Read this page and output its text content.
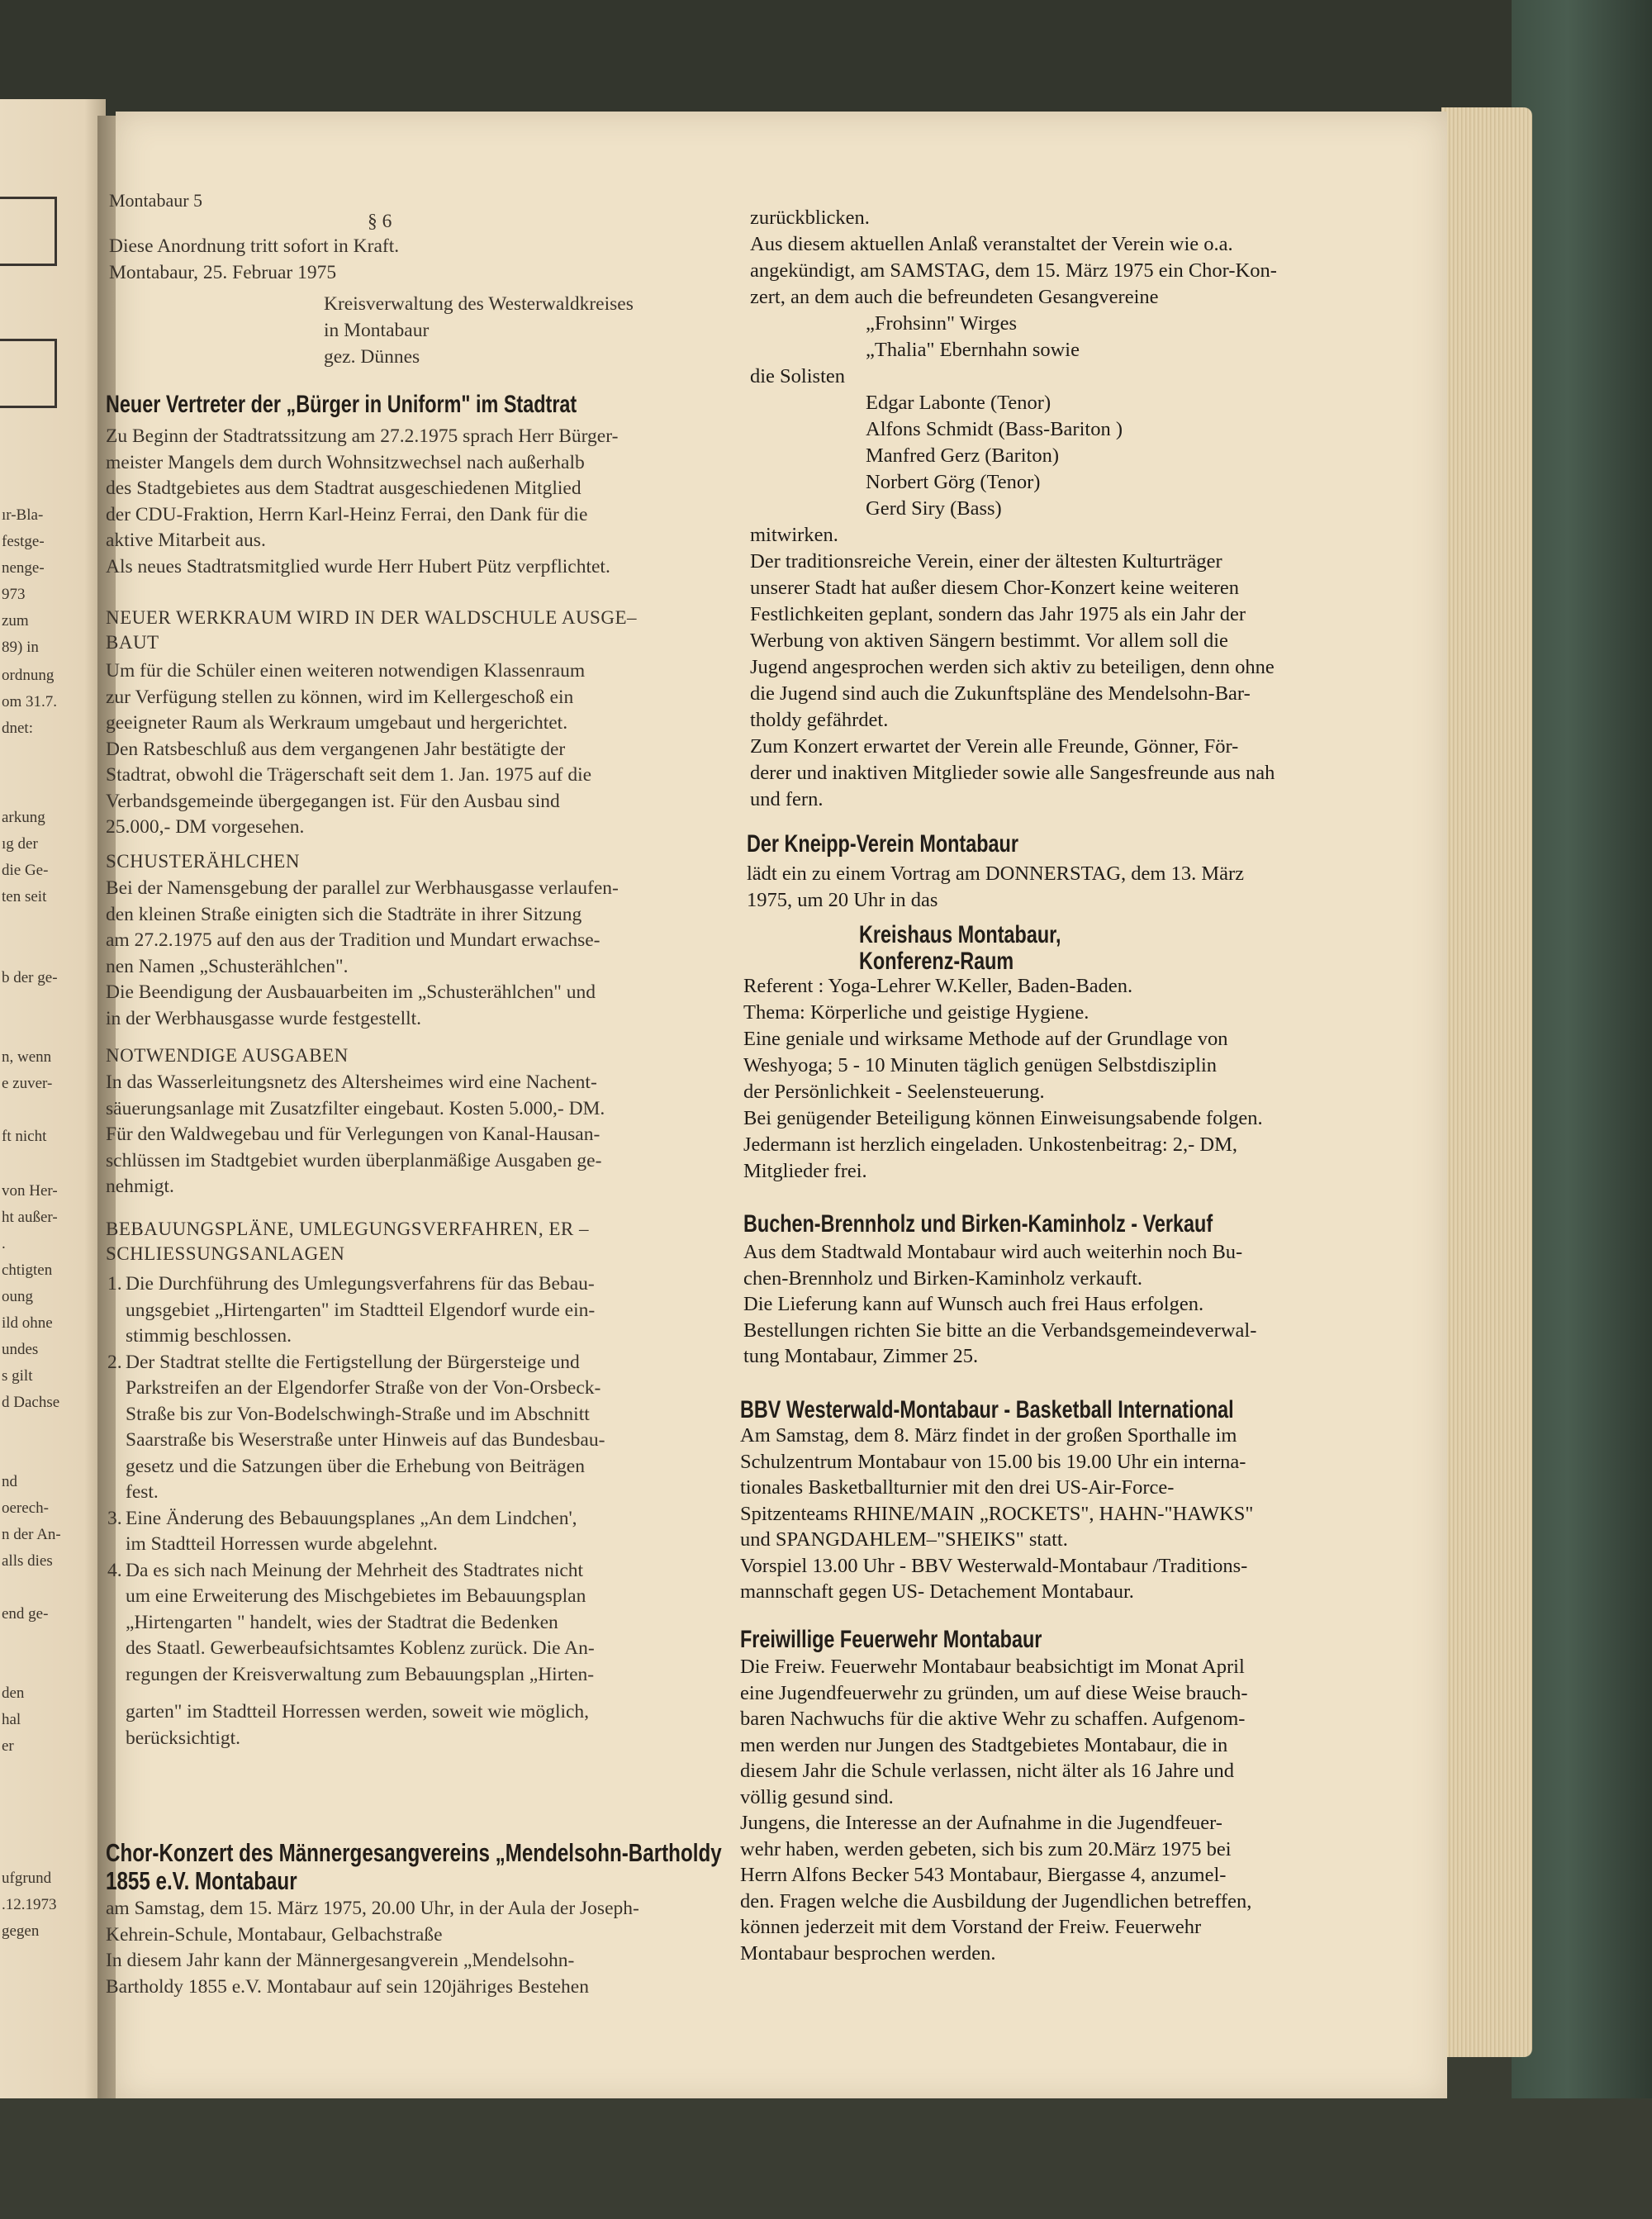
ır-Bla-
festge-
nenge-
973
zum
89) in
ordnung
om 31.7.
dnet:
arkung
ıg der
die Ge-
ten seit
b der ge-
n, wenn
e zuver-
ft nicht
von Her-
ht außer-
.
chtigten
oung
ild ohne
undes
s gilt
d Dachse
nd
oerech-
n der An-
alls dies
end ge-
den
hal
er
ufgrund
.12.1973
gegen
Montabaur 5
§ 6
Diese Anordnung tritt sofort in Kraft.
Montabaur, 25. Februar 1975
Kreisverwaltung des Westerwaldkreises
in Montabaur
gez. Dünnes
Neuer Vertreter der „Bürger in Uniform" im Stadtrat
Zu Beginn der Stadtratssitzung am 27.2.1975 sprach Herr Bürger-
meister Mangels dem durch Wohnsitzwechsel nach außerhalb
des Stadtgebietes aus dem Stadtrat ausgeschiedenen Mitglied
der CDU-Fraktion, Herrn Karl-Heinz Ferrai, den Dank für die
aktive Mitarbeit aus.
Als neues Stadtratsmitglied wurde Herr Hubert Pütz verpflichtet.
NEUER WERKRAUM WIRD IN DER WALDSCHULE AUSGE–
BAUT
Um für die Schüler einen weiteren notwendigen Klassenraum
zur Verfügung stellen zu können, wird im Kellergeschoß ein
geeigneter Raum als Werkraum umgebaut und hergerichtet.
Den Ratsbeschluß aus dem vergangenen Jahr bestätigte der
Stadtrat, obwohl die Trägerschaft seit dem 1. Jan. 1975 auf die
Verbandsgemeinde übergegangen ist. Für den Ausbau sind
25.000,- DM vorgesehen.
SCHUSTERÄHLCHEN
Bei der Namensgebung der parallel zur Werbhausgasse verlaufen-
den kleinen Straße einigten sich die Stadträte in ihrer Sitzung
am 27.2.1975 auf den aus der Tradition und Mundart erwachse-
nen Namen „Schusterählchen".
Die Beendigung der Ausbauarbeiten im „Schusterählchen" und
in der Werbhausgasse wurde festgestellt.
NOTWENDIGE AUSGABEN
In das Wasserleitungsnetz des Altersheimes wird eine Nachent-
säuerungsanlage mit Zusatzfilter eingebaut. Kosten 5.000,- DM.
Für den Waldwegebau und für Verlegungen von Kanal-Hausan-
schlüssen im Stadtgebiet wurden überplanmäßige Ausgaben ge-
nehmigt.
BEBAUUNGSPLÄNE, UMLEGUNGSVERFAHREN, ER –
SCHLIESSUNGSANLAGEN
1. Die Durchführung des Umlegungsverfahrens für das Bebau-
ungsgebiet „Hirtengarten" im Stadtteil Elgendorf wurde ein-
stimmig beschlossen.
2. Der Stadtrat stellte die Fertigstellung der Bürgersteige und
Parkstreifen an der Elgendorfer Straße von der Von-Orsbeck-
Straße bis zur Von-Bodelschwingh-Straße und im Abschnitt
Saarstraße bis Weserstraße unter Hinweis auf das Bundesbau-
gesetz und die Satzungen über die Erhebung von Beiträgen
fest.
3. Eine Änderung des Bebauungsplanes „An dem Lindchen',
im Stadtteil Horressen wurde abgelehnt.
4. Da es sich nach Meinung der Mehrheit des Stadtrates nicht
um eine Erweiterung des Mischgebietes im Bebauungsplan
„Hirtengarten " handelt, wies der Stadtrat die Bedenken
des Staatl. Gewerbeaufsichtsamtes Koblenz zurück. Die An-
regungen der Kreisverwaltung zum Bebauungsplan „Hirten-
garten" im Stadtteil Horressen werden, soweit wie möglich,
berücksichtigt.
Chor-Konzert des Männergesangvereins „Mendelsohn-Bartholdy
1855 e.V. Montabaur
am Samstag, dem 15. März 1975, 20.00 Uhr, in der Aula der Joseph-
Kehrein-Schule, Montabaur, Gelbachstraße
In diesem Jahr kann der Männergesangverein „Mendelsohn-
Bartholdy 1855 e.V. Montabaur auf sein 120jähriges Bestehen
zurückblicken.
Aus diesem aktuellen Anlaß veranstaltet der Verein wie o.a.
angekündigt, am SAMSTAG, dem 15. März 1975 ein Chor-Kon-
zert, an dem auch die befreundeten Gesangvereine
„Frohsinn" Wirges
„Thalia" Ebernhahn sowie
die Solisten
Edgar Labonte (Tenor)
Alfons Schmidt (Bass-Bariton )
Manfred Gerz (Bariton)
Norbert Görg (Tenor)
Gerd Siry (Bass)
mitwirken.
Der traditionsreiche Verein, einer der ältesten Kulturträger
unserer Stadt hat außer diesem Chor-Konzert keine weiteren
Festlichkeiten geplant, sondern das Jahr 1975 als ein Jahr der
Werbung von aktiven Sängern bestimmt. Vor allem soll die
Jugend angesprochen werden sich aktiv zu beteiligen, denn ohne
die Jugend sind auch die Zukunftspläne des Mendelsohn-Bar-
tholdy gefährdet.
Zum Konzert erwartet der Verein alle Freunde, Gönner, För-
derer und inaktiven Mitglieder sowie alle Sangesfreunde aus nah
und fern.
Der Kneipp-Verein Montabaur
lädt ein zu einem Vortrag am DONNERSTAG, dem 13. März
1975, um 20 Uhr in das
Kreishaus Montabaur,
Konferenz-Raum
Referent : Yoga-Lehrer W.Keller, Baden-Baden.
Thema: Körperliche und geistige Hygiene.
Eine geniale und wirksame Methode auf der Grundlage von
Weshyoga; 5 - 10 Minuten täglich genügen Selbstdisziplin
der Persönlichkeit - Seelensteuerung.
Bei genügender Beteiligung können Einweisungsabende folgen.
Jedermann ist herzlich eingeladen. Unkostenbeitrag: 2,- DM,
Mitglieder frei.
Buchen-Brennholz und Birken-Kaminholz - Verkauf
Aus dem Stadtwald Montabaur wird auch weiterhin noch Bu-
chen-Brennholz und Birken-Kaminholz verkauft.
Die Lieferung kann auf Wunsch auch frei Haus erfolgen.
Bestellungen richten Sie bitte an die Verbandsgemeindeverwal-
tung Montabaur, Zimmer 25.
BBV Westerwald-Montabaur - Basketball International
Am Samstag, dem 8. März findet in der großen Sporthalle im
Schulzentrum Montabaur von 15.00 bis 19.00 Uhr ein interna-
tionales Basketballturnier mit den drei US-Air-Force-
Spitzenteams RHINE/MAIN „ROCKETS", HAHN-"HAWKS"
und SPANGDAHLEM–"SHEIKS" statt.
Vorspiel 13.00 Uhr - BBV Westerwald-Montabaur /Traditions-
mannschaft gegen US- Detachement Montabaur.
Freiwillige Feuerwehr Montabaur
Die Freiw. Feuerwehr Montabaur beabsichtigt im Monat April
eine Jugendfeuerwehr zu gründen, um auf diese Weise brauch-
baren Nachwuchs für die aktive Wehr zu schaffen. Aufgenom-
men werden nur Jungen des Stadtgebietes Montabaur, die in
diesem Jahr die Schule verlassen, nicht älter als 16 Jahre und
völlig gesund sind.
Jungens, die Interesse an der Aufnahme in die Jugendfeuer-
wehr haben, werden gebeten, sich bis zum 20.März 1975 bei
Herrn Alfons Becker 543 Montabaur, Biergasse 4, anzumel-
den. Fragen welche die Ausbildung der Jugendlichen betreffen,
können jederzeit mit dem Vorstand der Freiw. Feuerwehr
Montabaur besprochen werden.
